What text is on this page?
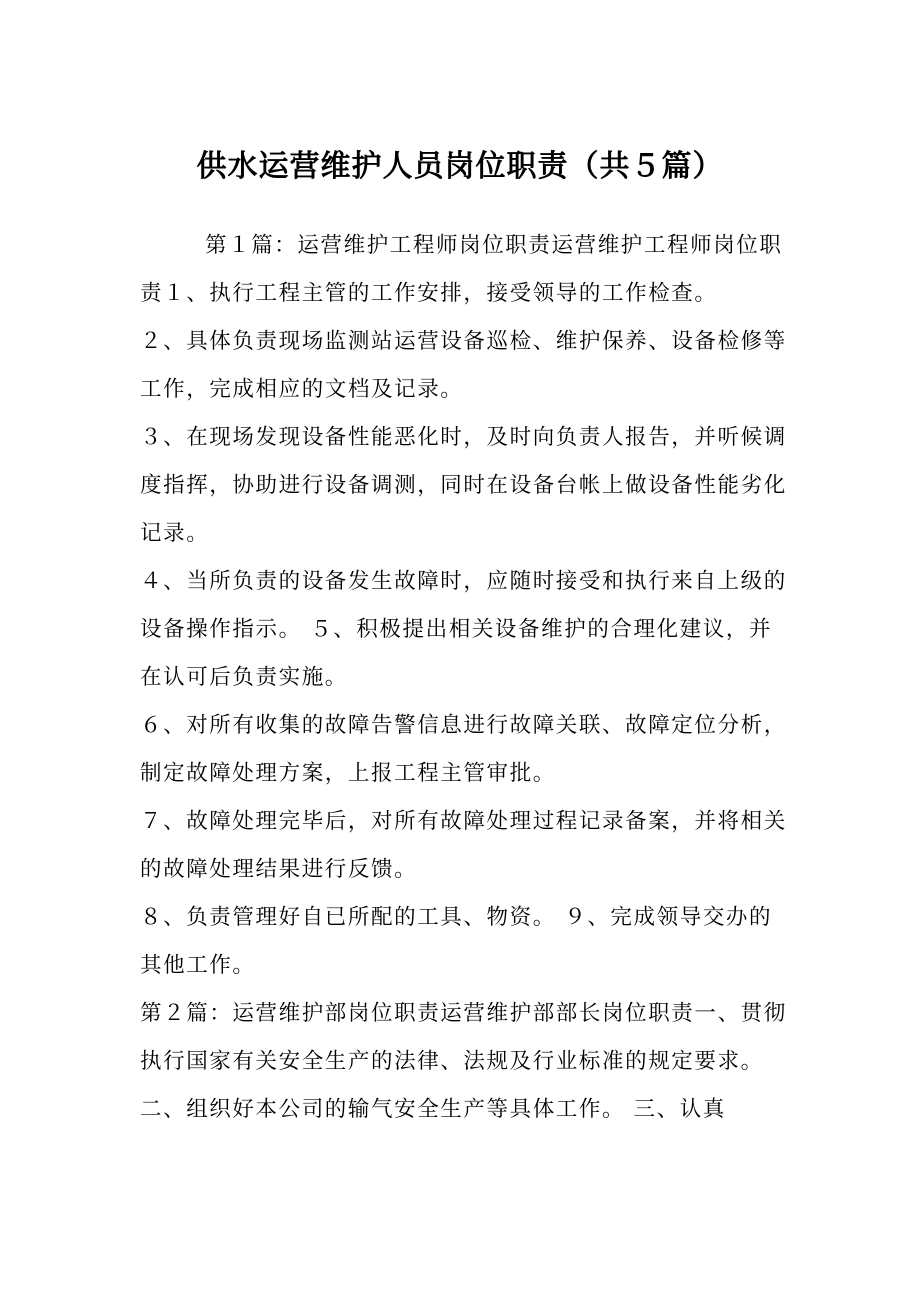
供水运营维护人员岗位职责（共５篇）

第１篇：运营维护工程师岗位职责运营维护工程师岗位职责１、执行工程主管的工作安排，接受领导的工作检查。

２、具体负责现场监测站运营设备巡检、维护保养、设备检修等工作，完成相应的文档及记录。

３、在现场发现设备性能恶化时，及时向负责人报告，并听候调度指挥，协助进行设备调测，同时在设备台帐上做设备性能劣化记录。

４、当所负责的设备发生故障时，应随时接受和执行来自上级的设备操作指示。 ５、积极提出相关设备维护的合理化建议，并在认可后负责实施。

６、对所有收集的故障告警信息进行故障关联、故障定位分析，制定故障处理方案，上报工程主管审批。

７、故障处理完毕后，对所有故障处理过程记录备案，并将相关的故障处理结果进行反馈。

８、负责管理好自已所配的工具、物资。 ９、完成领导交办的其他工作。

第２篇：运营维护部岗位职责运营维护部部长岗位职责一、贯彻执行国家有关安全生产的法律、法规及行业标准的规定要求。

二、组织好本公司的输气安全生产等具体工作。 三、认真
